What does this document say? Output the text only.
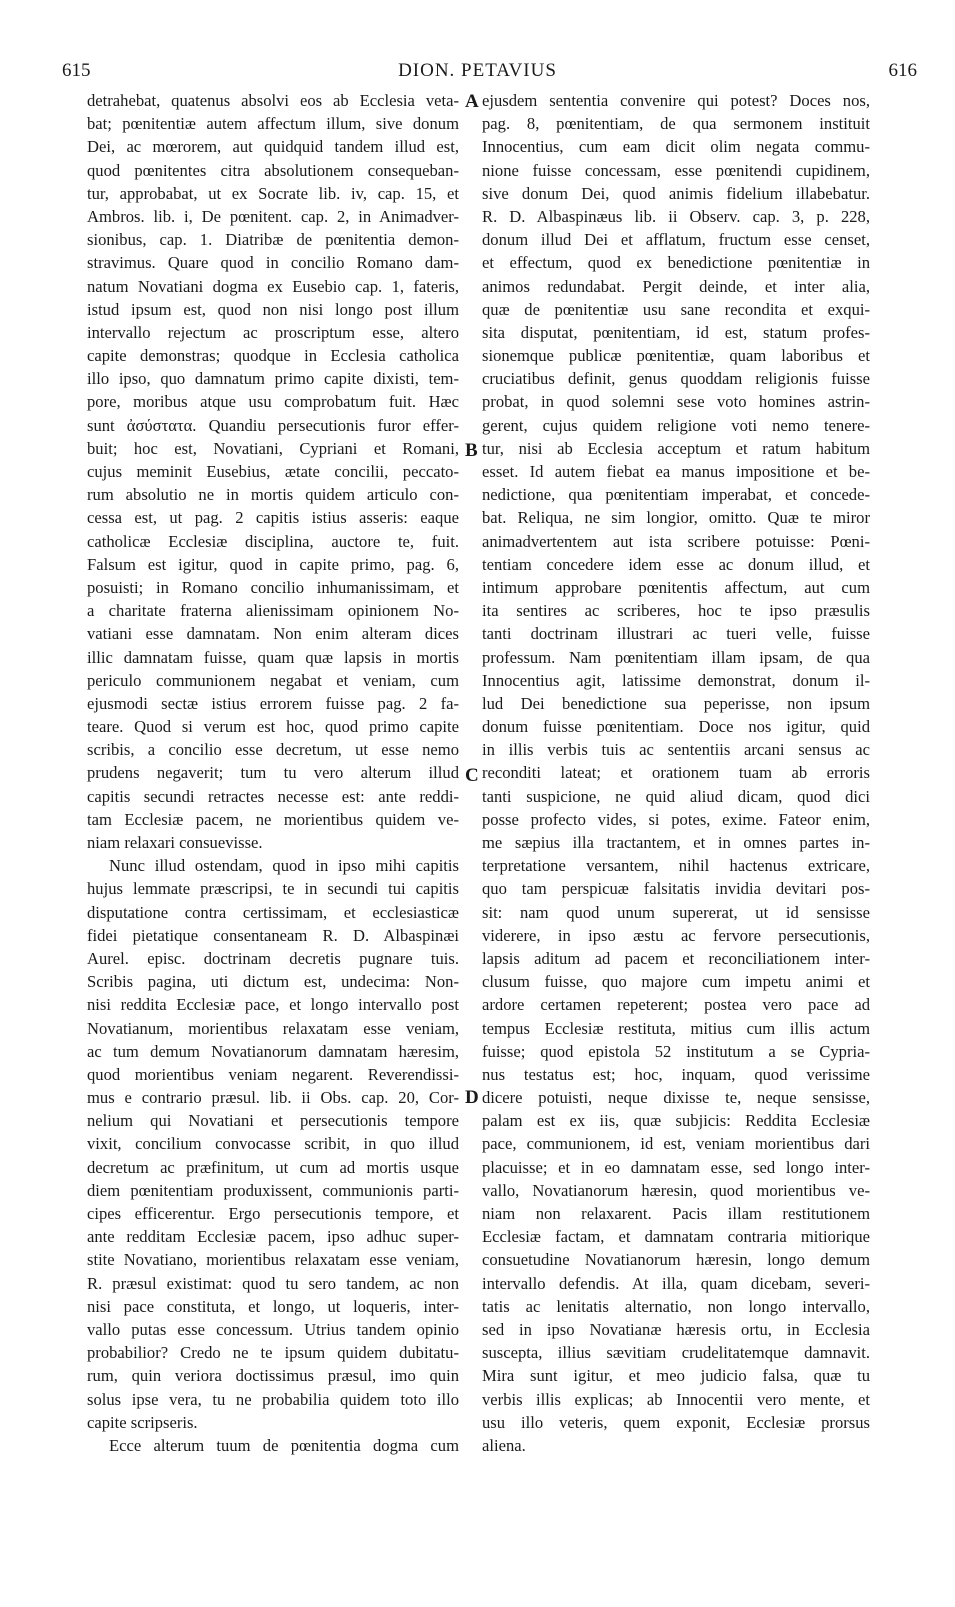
615	DION. PETAVIUS	616
A
B
C
D
detrahebat, quatenus absolvi eos ab Ecclesia veta-
bat; pœnitentiæ autem affectum illum, sive donum
Dei, ac mœrorem, aut quidquid tandem illud est,
quod pœnitentes citra absolutionem consequeban-
tur, approbabat, ut ex Socrate lib. iv, cap. 15, et
Ambros. lib. i, De pœnitent. cap. 2, in Animadver-
sionibus, cap. 1. Diatribæ de pœnitentia demon-
stravimus. Quare quod in concilio Romano dam-
natum Novatiani dogma ex Eusebio cap. 1, fateris,
istud ipsum est, quod non nisi longo post illum
intervallo rejectum ac proscriptum esse, altero
capite demonstras; quodque in Ecclesia catholica
illo ipso, quo damnatum primo capite dixisti, tem-
pore, moribus atque usu comprobatum fuit. Hæc
sunt ἀσύστατα. Quandiu persecutionis furor effer-
buit; hoc est, Novatiani, Cypriani et Romani,
cujus meminit Eusebius, ætate concilii, peccato-
rum absolutio ne in mortis quidem articulo con-
cessa est, ut pag. 2 capitis istius asseris: eaque
catholicæ Ecclesiæ disciplina, auctore te, fuit.
Falsum est igitur, quod in capite primo, pag. 6,
posuisti; in Romano concilio inhumanissimam, et
a charitate fraterna alienissimam opinionem No-
vatiani esse damnatam. Non enim alteram dices
illic damnatam fuisse, quam quæ lapsis in mortis
periculo communionem negabat et veniam, cum
ejusmodi sectæ istius errorem fuisse pag. 2 fa-
teare. Quod si verum est hoc, quod primo capite
scribis, a concilio esse decretum, ut esse nemo
prudens negaverit; tum tu vero alterum illud
capitis secundi retractes necesse est: ante reddi-
tam Ecclesiæ pacem, ne morientibus quidem ve-
niam relaxari consuevisse.
Nunc illud ostendam, quod in ipso mihi capitis
hujus lemmate præscripsi, te in secundi tui capitis
disputatione contra certissimam, et ecclesiasticæ
fidei pietatique consentaneam R. D. Albaspinæi
Aurel. episc. doctrinam decretis pugnare tuis.
Scribis pagina, uti dictum est, undecima: Non-
nisi reddita Ecclesiæ pace, et longo intervallo post
Novatianum, morientibus relaxatam esse veniam,
ac tum demum Novatianorum damnatam hæresim,
quod morientibus veniam negarent. Reverendissi-
mus e contrario præsul. lib. ii Obs. cap. 20, Cor-
nelium qui Novatiani et persecutionis tempore
vixit, concilium convocasse scribit, in quo illud
decretum ac præfinitum, ut cum ad mortis usque
diem pœnitentiam produxissent, communionis parti-
cipes efficerentur. Ergo persecutionis tempore, et
ante redditam Ecclesiæ pacem, ipso adhuc super-
stite Novatiano, morientibus relaxatam esse veniam,
R. præsul existimat: quod tu sero tandem, ac non
nisi pace constituta, et longo, ut loqueris, inter-
vallo putas esse concessum. Utrius tandem opinio
probabilior? Credo ne te ipsum quidem dubitatu-
rum, quin veriora doctissimus præsul, imo quin
solus ipse vera, tu ne probabilia quidem toto illo
capite scripseris.
Ecce alterum tuum de pœnitentia dogma cum
ejusdem sententia convenire qui potest? Doces nos,
pag. 8, pœnitentiam, de qua sermonem instituit
Innocentius, cum eam dicit olim negata commu-
nione fuisse concessam, esse pœnitendi cupidinem,
sive donum Dei, quod animis fidelium illabebatur.
R. D. Albaspinæus lib. ii Observ. cap. 3, p. 228,
donum illud Dei et afflatum, fructum esse censet,
et effectum, quod ex benedictione pœnitentiæ in
animos redundabat. Pergit deinde, et inter alia,
quæ de pœnitentiæ usu sane recondita et exqui-
sita disputat, pœnitentiam, id est, statum profes-
sionemque publicæ pœnitentiæ, quam laboribus et
cruciatibus definit, genus quoddam religionis fuisse
probat, in quod solemni sese voto homines astrin-
gerent, cujus quidem religione voti nemo tenere-
tur, nisi ab Ecclesia acceptum et ratum habitum
esset. Id autem fiebat ea manus impositione et be-
nedictione, qua pœnitentiam imperabat, et concede-
bat. Reliqua, ne sim longior, omitto. Quæ te miror
animadvertentem aut ista scribere potuisse: Pœni-
tentiam concedere idem esse ac donum illud, et
intimum approbare pœnitentis affectum, aut cum
ita sentires ac scriberes, hoc te ipso præsulis
tanti doctrinam illustrari ac tueri velle, fuisse
professum. Nam pœnitentiam illam ipsam, de qua
Innocentius agit, latissime demonstrat, donum il-
lud Dei benedictione sua peperisse, non ipsum
donum fuisse pœnitentiam. Doce nos igitur, quid
in illis verbis tuis ac sententiis arcani sensus ac
reconditi lateat; et orationem tuam ab erroris
tanti suspicione, ne quid aliud dicam, quod dici
posse profecto vides, si potes, exime. Fateor enim,
me sæpius illa tractantem, et in omnes partes in-
terpretatione versantem, nihil hactenus extricare,
quo tam perspicuæ falsitatis invidia devitari pos-
sit: nam quod unum supererat, ut id sensisse
viderere, in ipso æstu ac fervore persecutionis,
lapsis aditum ad pacem et reconciliationem inter-
clusum fuisse, quo majore cum impetu animi et
ardore certamen repeterent; postea vero pace ad
tempus Ecclesiæ restituta, mitius cum illis actum
fuisse; quod epistola 52 institutum a se Cypria-
nus testatus est; hoc, inquam, quod verissime
dicere potuisti, neque dixisse te, neque sensisse,
palam est ex iis, quæ subjicis: Reddita Ecclesiæ
pace, communionem, id est, veniam morientibus dari
placuisse; et in eo damnatam esse, sed longo inter-
vallo, Novatianorum hæresin, quod morientibus ve-
niam non relaxarent. Pacis illam restitutionem
Ecclesiæ factam, et damnatam contraria mitiorique
consuetudine Novatianorum hæresin, longo demum
intervallo defendis. At illa, quam dicebam, severi-
tatis ac lenitatis alternatio, non longo intervallo,
sed in ipso Novatianæ hæresis ortu, in Ecclesia
suscepta, illius sævitiam crudelitatemque damnavit.
Mira sunt igitur, et meo judicio falsa, quæ tu
verbis illis explicas; ab Innocentii vero mente, et
usu illo veteris, quem exponit, Ecclesiæ prorsus
aliena.
